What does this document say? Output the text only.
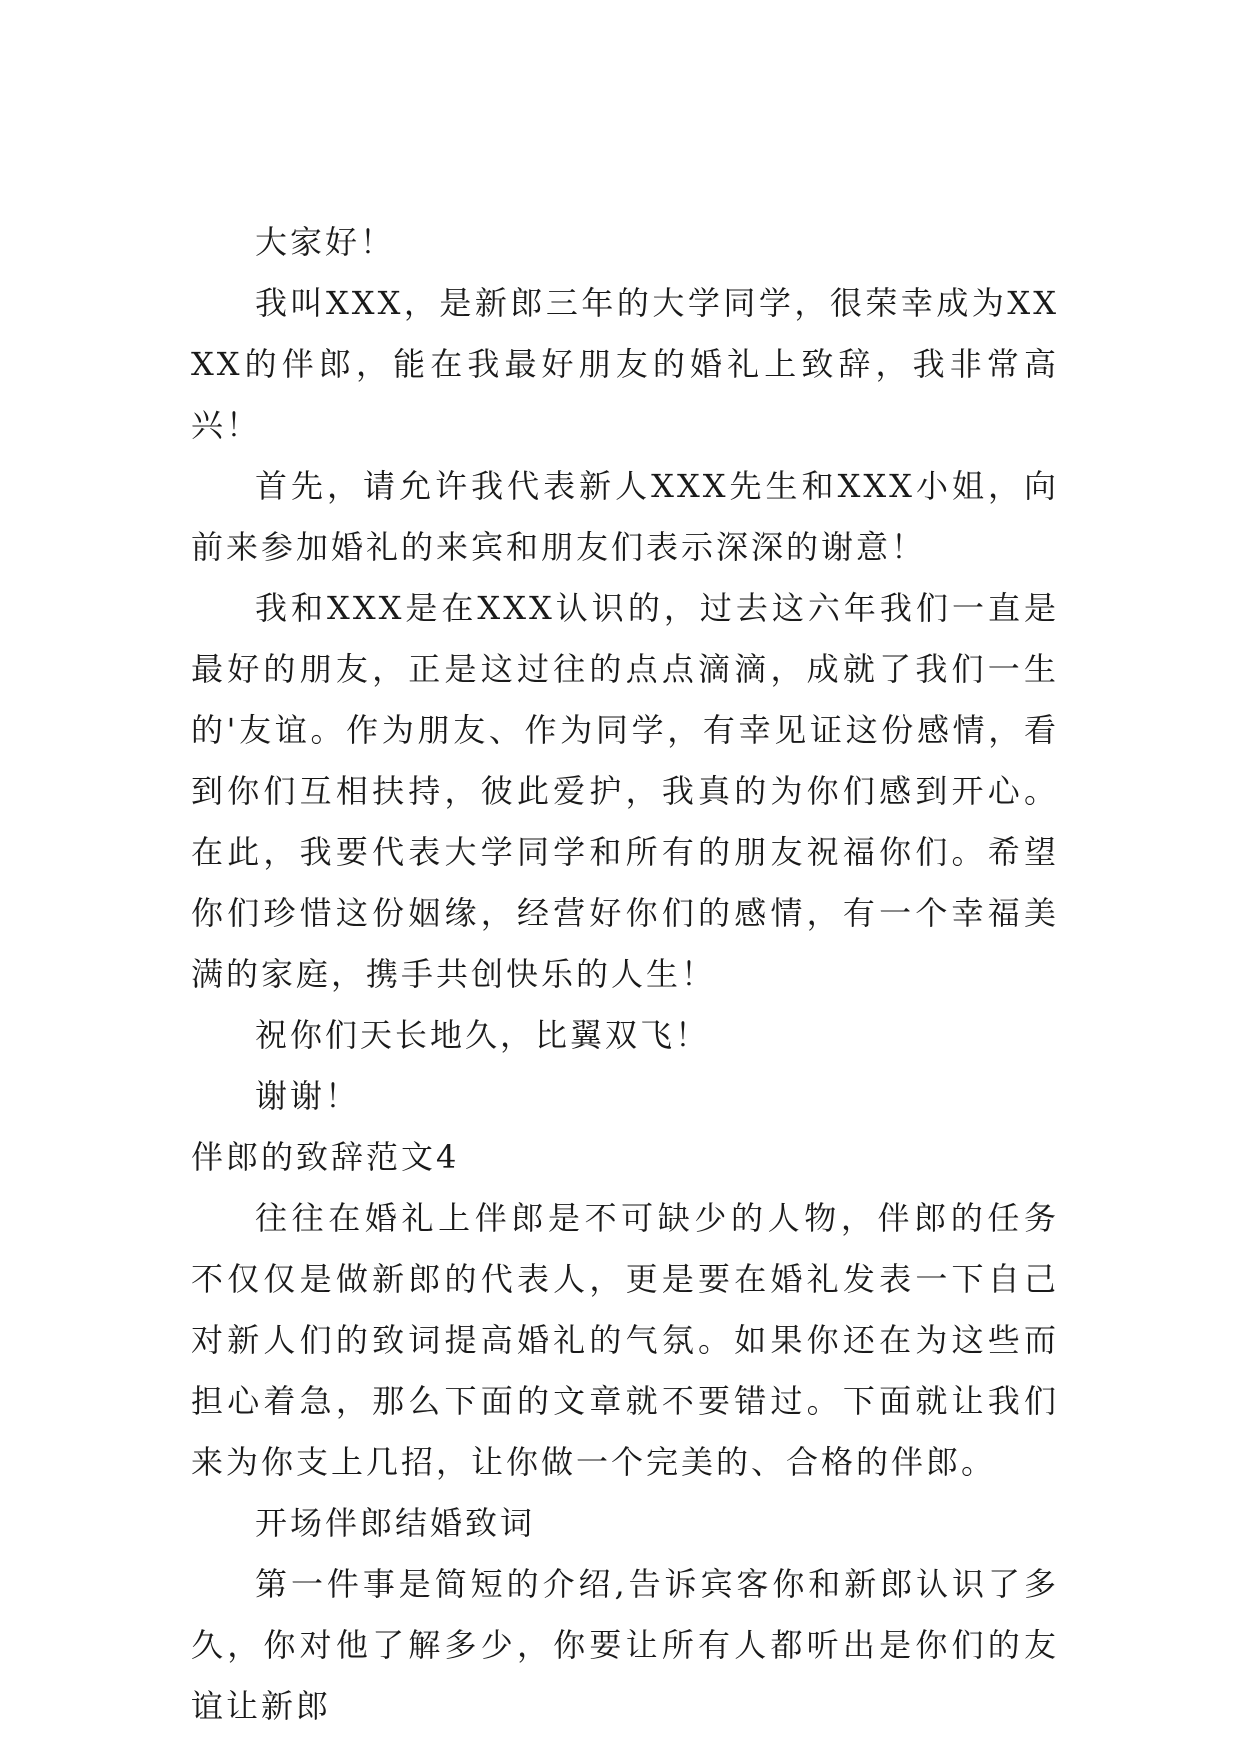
大家好！

我叫XXX，是新郎三年的大学同学，很荣幸成为XXXX的伴郎，能在我最好朋友的婚礼上致辞，我非常高兴！

首先，请允许我代表新人XXX先生和XXX小姐，向前来参加婚礼的来宾和朋友们表示深深的谢意！

我和XXX是在XXX认识的，过去这六年我们一直是最好的朋友，正是这过往的点点滴滴，成就了我们一生的'友谊。作为朋友、作为同学，有幸见证这份感情，看到你们互相扶持，彼此爱护，我真的为你们感到开心。在此，我要代表大学同学和所有的朋友祝福你们。希望你们珍惜这份姻缘，经营好你们的感情，有一个幸福美满的家庭，携手共创快乐的人生！

祝你们天长地久，比翼双飞！

谢谢！

伴郎的致辞范文4

往往在婚礼上伴郎是不可缺少的人物，伴郎的任务不仅仅是做新郎的代表人，更是要在婚礼发表一下自己对新人们的致词提高婚礼的气氛。如果你还在为这些而担心着急，那么下面的文章就不要错过。下面就让我们来为你支上几招，让你做一个完美的、合格的伴郎。

开场伴郎结婚致词

第一件事是简短的介绍,告诉宾客你和新郎认识了多久，你对他了解多少，你要让所有人都听出是你们的友谊让新郎
